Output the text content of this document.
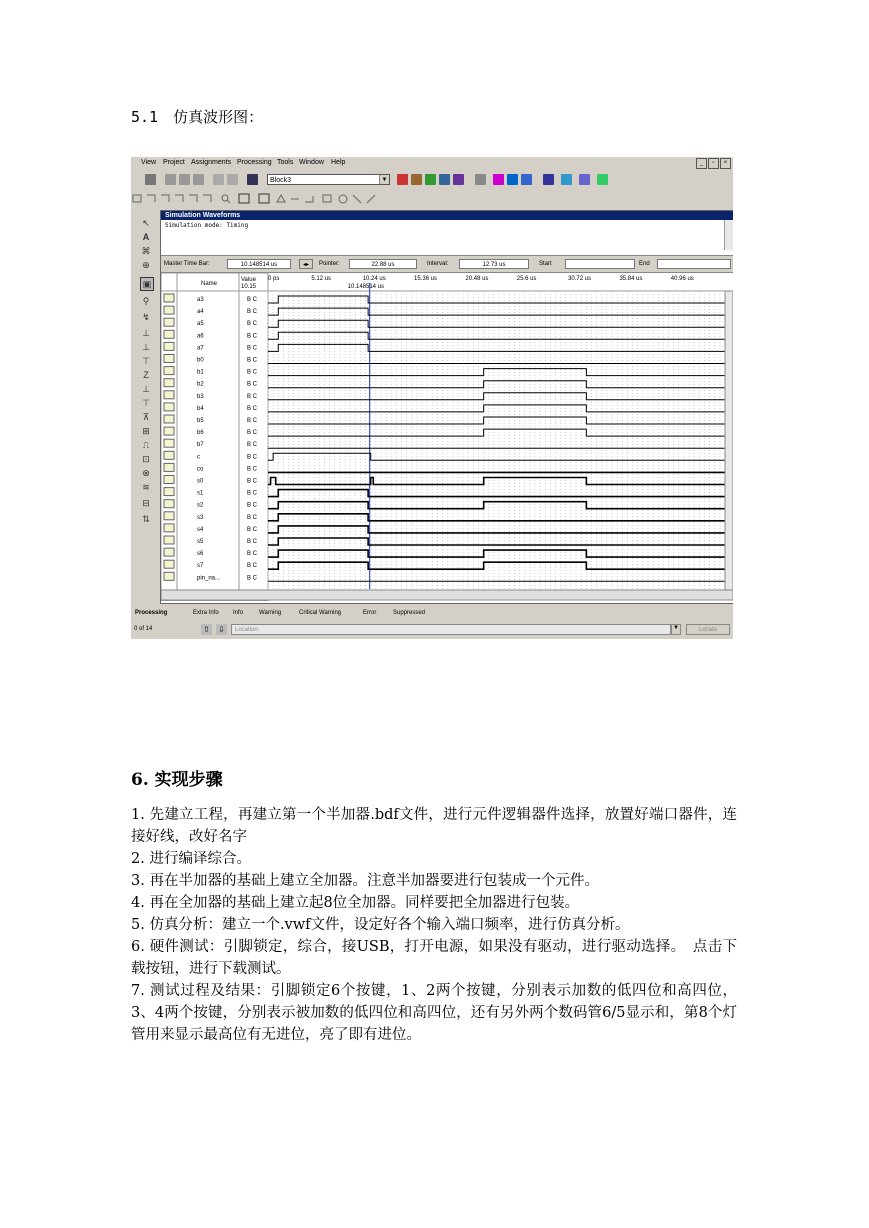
5.1　仿真波形图：
View Project Assignments Processing Tools Window Help	_	▫	×
Block3	▼
↖
A
⌘
⊕
▣
⚲
↯
⊥
⊥
⊤
Ζ
⊥
⊤
⊼
⊞
⎍
⊡
⊗
≋
⊟
⇅
Simulation Waveforms
Simulation mode: Timing
Master Time Bar:	10.148514 us	◂▸	Pointer:	22.88 us	Interval:	12.73 us	Start	End
Name
Value
10.15
0 ps	5.12 us	10.24 us	15.36 us	20.48 us	25.6 us	30.72 us	35.84 us	40.96 us
10.148514 us
a3	B C
a4	B C
a5	B C
a6	B C
a7	B C
b0	B C
b1	B C
b2	B C
b3	B C
b4	B C
b5	B C
b6	B C
b7	B C
c	B C
co	B C
s0	B C
s1	B C
s2	B C
s3	B C
s4	B C
s5	B C
s6	B C
s7	B C
pin_na...	B C
Processing	Extra Info Info	Warning	Critical Warning	Error	Suppressed
0 of 14	⇧ ⇩	Location:	▼	Locate
6. 实现步骤

1. 先建立工程，再建立第一个半加器.bdf文件，进行元件逻辑器件选择，放置好端口器件，连接好线，改好名字

2. 进行编译综合。

3. 再在半加器的基础上建立全加器。注意半加器要进行包装成一个元件。

4. 再在全加器的基础上建立起8位全加器。同样要把全加器进行包装。

5. 仿真分析：建立一个.vwf文件，设定好各个输入端口频率，进行仿真分析。

6. 硬件测试：引脚锁定，综合，接USB，打开电源，如果没有驱动，进行驱动选择。　点击下载按钮，进行下载测试。

7. 测试过程及结果：引脚锁定6个按键，1、2两个按键，分别表示加数的低四位和高四位，3、4两个按键，分别表示被加数的低四位和高四位，还有另外两个数码管6/5显示和，第8个灯管用来显示最高位有无进位，亮了即有进位。
